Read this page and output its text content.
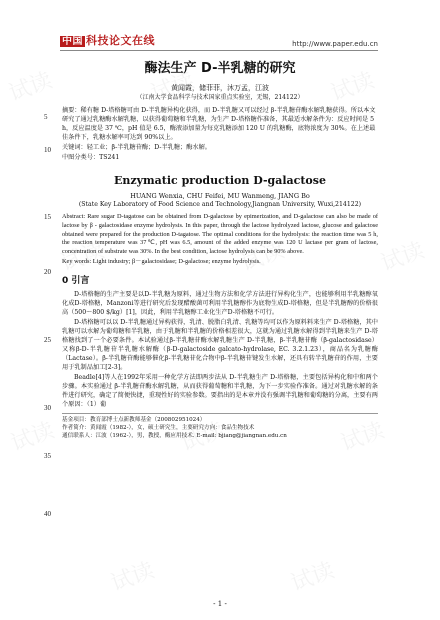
中国 科技论文在线	http://www.paper.edu.cn
5
10
15
20
25
30
35
40
酶法生产 D-半乳糖的研究
黄闻霞，储菲菲，沐万孟，江波
（江南大学食品科学与技术国家重点实验室，无锡，214122）

摘要：稀有糖 D-塔格糖可由 D-半乳糖异构化获得，而 D-半乳糖又可以经过 β-半乳糖苷酶水解乳糖获得。所以本文研究了通过乳糖酶水解乳糖，以获得葡萄糖和半乳糖，为生产 D-塔格糖作准备，其最适水解条件为：反应时间是 5 h，反应温度是 37 ℃，pH 值是 6.5，酶液添加量为每克乳糖添加 120 U 的乳糖酶，底物浓度为 30%。在上述最佳条件下，乳糖水解率可达到 90%以上。

关键词：轻工业；β-半乳糖苷酶；D-半乳糖；酶水解。
中图分类号：TS241
Enzymatic production D-galactose
HUANG Wenxia, CHU Feifei, MU Wanmeng, JIANG Bo
(State Key Laboratory of Food Science and Technology,Jiangnan University, Wuxi,214122)
Abstract: Rare sugar D-tagatose can be obtained from D-galactose by epimerization, and D-galactose can also be made of lactose by β - galactosidase enzyme hydrolysis. In this paper, through the lactose hydrolyzed lactose, glucose and galactose obtained were prepared for the production D-tagatose. The optimal conditions for the hydrolysis: the reaction time was 5 h, the reaction temperature was 37℃, pH was 6.5, amount of the added enzyme was 120 U lactase per gram of lactose, concentration of substrate was 30%. In the best condition, lactose hydrolysis can be 90% above.
Key words: Light industry; β－galactosidase; D-galactose; enzyme hydrolysis.
0 引言

D-塔格糖的生产主要是以D-半乳糖为原料，通过生物方法和化学方法进行异构化生产，也能够利用半乳糖醇氧化成D-塔格糖，Manzoni等进行研究后发现醋酸菌可利用半乳糖醇作为底物生成D-塔格糖，但是半乳糖醇的价格很高（500～800 $/kg）[1]，因此，利用半乳糖醇工业化生产D-塔格糖不可行。

D-塔格糖可以以 D-半乳糖通过异构获得，乳清、脱脂白乳清、乳糖等均可以作为原料料来生产 D-塔格糖，其中乳糖可以水解为葡萄糖和半乳糖，由于乳糖和半乳糖的价格相差很大，这就为通过乳糖水解得到半乳糖来生产 D-塔格糖找到了一个必要条件。本试验通过β-半乳糖苷酶水解乳糖生产 D-半乳糖，β-半乳糖苷酶（β-galactosidase）又称β-D-半乳糖苷半乳糖水解酶（β-D-galactoside galcato-hydrolase, EC. 3.2.1.23），商品名为乳糖酶（Lactase）。β-半乳糖苷酶能够催化β-半乳糖苷化合物中β-半乳糖苷键发生水解，还具有转半乳糖苷的作用，主要用于乳制品加工[2-3]。

Beadle[4]等人在1992年采用一种化学方法即两步法从 D-半乳糖生产 D-塔格糖，主要包括异构化和中和两个步骤。本实验通过 β-半乳糖苷酶水解乳糖，从而获得葡萄糖和半乳糖，为下一步实验作准备。通过对乳糖水解的条件进行研究，确定了简便快捷，重现性好的实验参数。要指出的是本章并没有强调半乳糖和葡萄糖的分离，主要有两个原因：（1）葡

基金项目：教育部博士点新教师基金（200802951024）
作者简介：黄闻霞（1982-），女，硕士研究生，主要研究方向：食品生物技术
通信联系人：江波（1962-），男，教授，酶应用技术. E-mail: bjiang@jiangnan.edu.cn
- 1 -
